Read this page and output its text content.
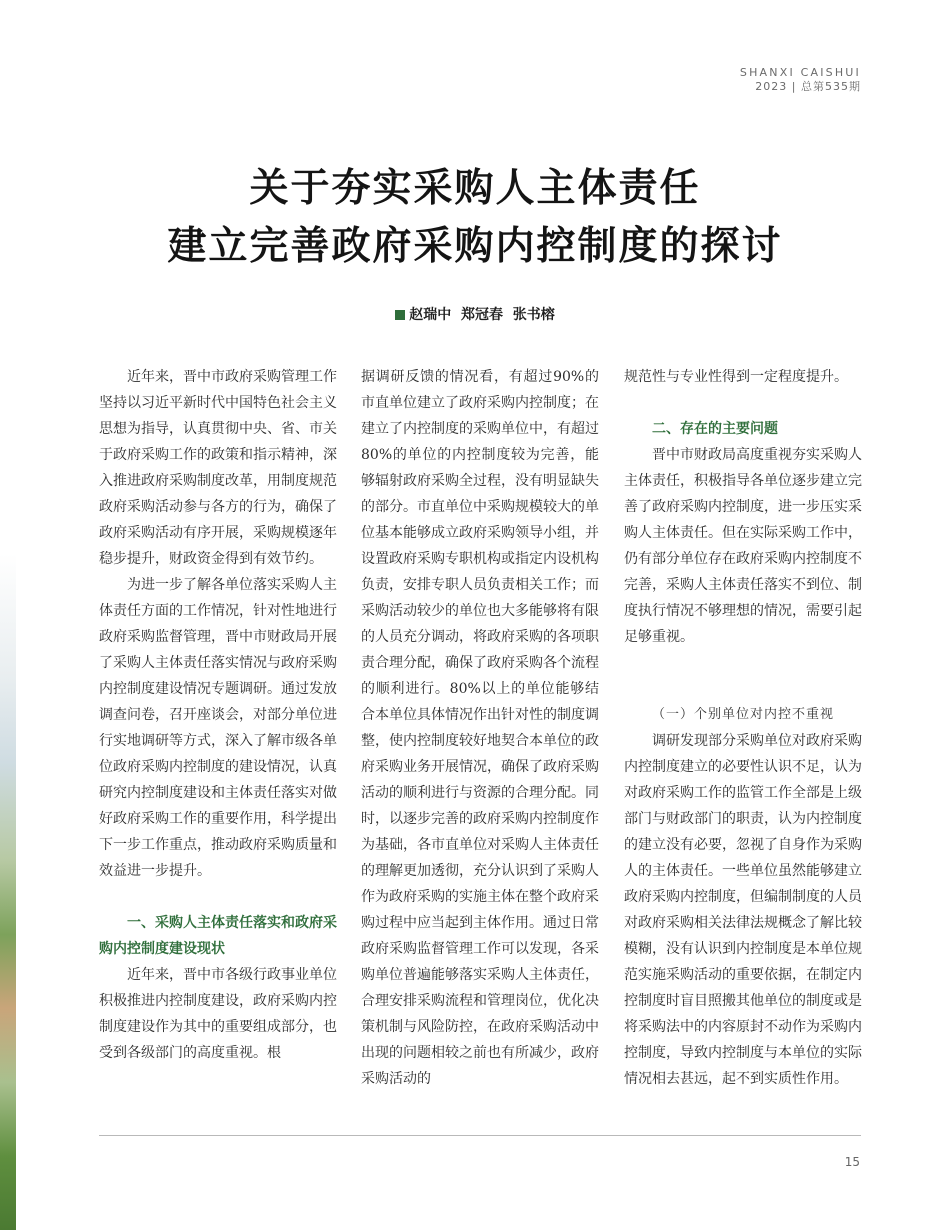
SHANXI CAISHUI
2023 | 总第535期
关于夯实采购人主体责任
建立完善政府采购内控制度的探讨
赵瑞中  郑冠春  张书榕

近年来，晋中市政府采购管理工作坚持以习近平新时代中国特色社会主义思想为指导，认真贯彻中央、省、市关于政府采购工作的政策和指示精神，深入推进政府采购制度改革，用制度规范政府采购活动参与各方的行为，确保了政府采购活动有序开展，采购规模逐年稳步提升，财政资金得到有效节约。

为进一步了解各单位落实采购人主体责任方面的工作情况，针对性地进行政府采购监督管理，晋中市财政局开展了采购人主体责任落实情况与政府采购内控制度建设情况专题调研。通过发放调查问卷，召开座谈会，对部分单位进行实地调研等方式，深入了解市级各单位政府采购内控制度的建设情况，认真研究内控制度建设和主体责任落实对做好政府采购工作的重要作用，科学提出下一步工作重点，推动政府采购质量和效益进一步提升。

一、采购人主体责任落实和政府采购内控制度建设现状

近年来，晋中市各级行政事业单位积极推进内控制度建设，政府采购内控制度建设作为其中的重要组成部分，也受到各级部门的高度重视。根

据调研反馈的情况看，有超过90%的市直单位建立了政府采购内控制度；在建立了内控制度的采购单位中，有超过80%的单位的内控制度较为完善，能够辐射政府采购全过程，没有明显缺失的部分。市直单位中采购规模较大的单位基本能够成立政府采购领导小组，并设置政府采购专职机构或指定内设机构负责，安排专职人员负责相关工作；而采购活动较少的单位也大多能够将有限的人员充分调动，将政府采购的各项职责合理分配，确保了政府采购各个流程的顺利进行。80%以上的单位能够结合本单位具体情况作出针对性的制度调整，使内控制度较好地契合本单位的政府采购业务开展情况，确保了政府采购活动的顺利进行与资源的合理分配。同时，以逐步完善的政府采购内控制度作为基础，各市直单位对采购人主体责任的理解更加透彻，充分认识到了采购人作为政府采购的实施主体在整个政府采购过程中应当起到主体作用。通过日常政府采购监督管理工作可以发现，各采购单位普遍能够落实采购人主体责任，合理安排采购流程和管理岗位，优化决策机制与风险防控，在政府采购活动中出现的问题相较之前也有所减少，政府采购活动的

规范性与专业性得到一定程度提升。

二、存在的主要问题

晋中市财政局高度重视夯实采购人主体责任，积极指导各单位逐步建立完善了政府采购内控制度，进一步压实采购人主体责任。但在实际采购工作中，仍有部分单位存在政府采购内控制度不完善，采购人主体责任落实不到位、制度执行情况不够理想的情况，需要引起足够重视。

（一）个别单位对内控不重视

调研发现部分采购单位对政府采购内控制度建立的必要性认识不足，认为对政府采购工作的监管工作全部是上级部门与财政部门的职责，认为内控制度的建立没有必要，忽视了自身作为采购人的主体责任。一些单位虽然能够建立政府采购内控制度，但编制制度的人员对政府采购相关法律法规概念了解比较模糊，没有认识到内控制度是本单位规范实施采购活动的重要依据，在制定内控制度时盲目照搬其他单位的制度或是将采购法中的内容原封不动作为采购内控制度，导致内控制度与本单位的实际情况相去甚远，起不到实质性作用。

15
